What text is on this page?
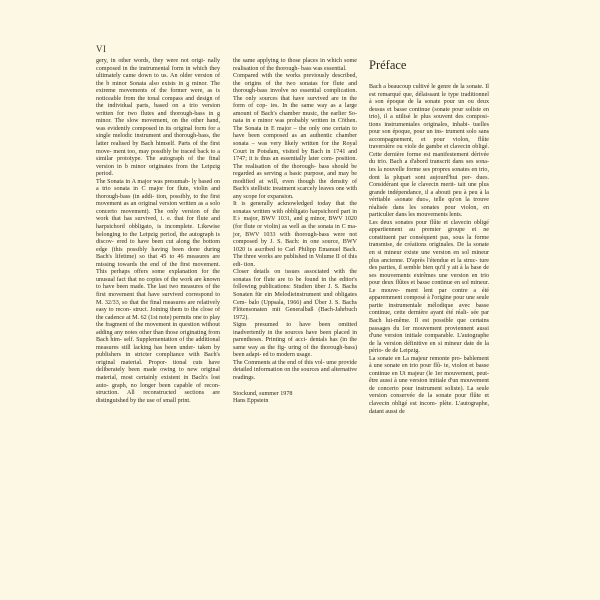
VI

gery, in other words, they were not origi- nally composed in the instrumental form in which they ultimately came down to us. An older version of the b minor Sonata also exists in g minor. The extreme movements of the former were, as is noticeable from the tonal compass and design of the individual parts, based on a trio version written for two flutes and thorough-bass in g minor. The slow movement, on the other hand, was evidently composed in its original form for a single melodic instrument and thorough-bass, the latter realised by Bach himself. Parts of the first move- ment too, may possibly be traced back to a similar prototype. The autograph of the final version in b minor originates from the Leipzig period.

The Sonata in A major was presumab- ly based on a trio sonata in C major for flute, violin and thorough-bass (in addi- tion, possibly, to the first movement as an original version written as a solo concerto movement). The only version of the work that has survived, i. e. that for flute and harpsichord obbligato, is incomplete. Likewise belonging to the Leipzig period, the autograph is discov- ered to have been cut along the bottom edge (this possibly having been done during Bach's lifetime) so that 45 to 46 measures are missing towards the end of the first movement. This perhaps offers some explanation for the unusual fact that no copies of the work are known to have been made. The last two measures of the first movement that have survived correspond to M. 32/33, so that the final measures are relatively easy to recon- struct. Joining them to the close of the cadence at M. 62 (1st note) permits one to play the fragment of the movement in question without adding any notes other than those originating from Bach him- self. Supplementation of the additional measures still lacking has been under- taken by publishers in stricter compliance with Bach's original material. Propor- tional cuts have deliberately been made owing to new original material, most certainly existent in Bach's lost auto- graph, no longer been capable of recon- struction. All reconstructed sections are distinguished by the use of small print.

the same applying to those places in which some realisation of the thorough- bass was essential.

Compared with the works previously described, the origins of the two sonatas for flute and thorough-bass involve no essential complication. The only sources that have survived are in the form of cop- ies. In the same way as a large amount of Bach's chamber music, the earlier So- nata in e minor was probably written in Cöthen. The Sonata in E major – the only one certain to have been composed as an authentic chamber sonata – was very likely written for the Royal Court in Potsdam, visited by Bach in 1741 and 1747; it is thus an essentially later com- position. The realisation of the thorough- bass should be regarded as serving a basic purpose, and may be modified at will, even though the density of Bach's stellistic treatment scarcely leaves one with any scope for expansion.

It is generally acknowledged today that the sonatas written with obbligato harpsichord part in E♭ major, BWV 1031, and g minor, BWV 1020 (for flute or violin) as well as the sonata in C ma- jor, BWV 1033 with thorough-bass were not composed by J. S. Bach: in one source, BWV 1020 is ascribed to Carl Philipp Emanuel Bach. The three works are published in Volume II of this edi- tion.

Closer details on issues associated with the sonatas for flute are to be found in the editor's following publications: Studien über J. S. Bachs Sonaten für ein Melodieinstrument und obligates Cem- balo (Uppsala, 1966) and Über J. S. Bachs Flötensonaten mit Generalbaß (Bach-Jahrbuch 1972).

Signs presumed to have been omitted inadvertently in the sources have been placed in parentheses. Printing of acci- dentals has (in the same way as the fig- uring of the thorough-bass) been adapt- ed to modern usage.

The Comments at the end of this vol- ume provide detailed information on the sources and alternative readings.

Stockund, summer 1978
Hans Eppstein
Préface

Bach a beaucoup cultivé le genre de la sonate. Il est remarqué que, délaissant le type traditionnel à son époque de la sonate pour un ou deux dessus et basse continue (sonate pour soliste en trio), il a utilisé le plus souvent des composi- tions instrumentales originales, inhabi- tuelles pour son époque, pour un ins- trument solo sans accompagnement, et pour violon, flûte traversière ou viole de gambe et clavecin obligé. Cette dernière forme est manifestement dérivée du trio. Bach a d'abord transcrit dans ses sona- tes la nouvelle forme ses propres sonates en trio, dont la plupart sont aujourd'hui per- dues. Considérant que le clavecin merit- tait une plus grande indépendance, il a abouti peu à peu à la véritable «sonate duo», telle qu'on la trouve réalisée dans les sonates pour violon, en particulier dans les mouvements lents.

Les deux sonates pour flûte et clavecin obligé appartiennent au premier groupe et ne constituent par conséquent pas, sous la forme transmise, de créations originales. De la sonate en si mineur existe une version en sol mineur plus ancienne. D'après l'étendue et la struc- ture des parties, il semble bien qu'il y ait à la base de ses mouvements extrêmes une version en trio pour deux flûtes et basse continue en sol mineur. Le mouve- ment lent par contre a été apparemment composé à l'origine pour une seule partie instrumentale mélodique avec basse continue, cette dernière ayant été réali- sée par Bach lui-même. Il est possible que certains passages du 1er mouvement proviennent aussi d'une version initiale comparable. L'autographe de la version définitive en si mineur date de la pério- de de Leipzig.

La sonate en La majeur remonte pro- bablement à une sonate en trio pour flû- te, violon et basse continue en Ut majeur (le 1er mouvement, peut-être aussi à une version initiale d'un mouvement de concerto pour instrument soliste). La seule version conservée de la sonate pour flûte et clavecin obligé est incom- plète. L'autographe, datant aussi de
